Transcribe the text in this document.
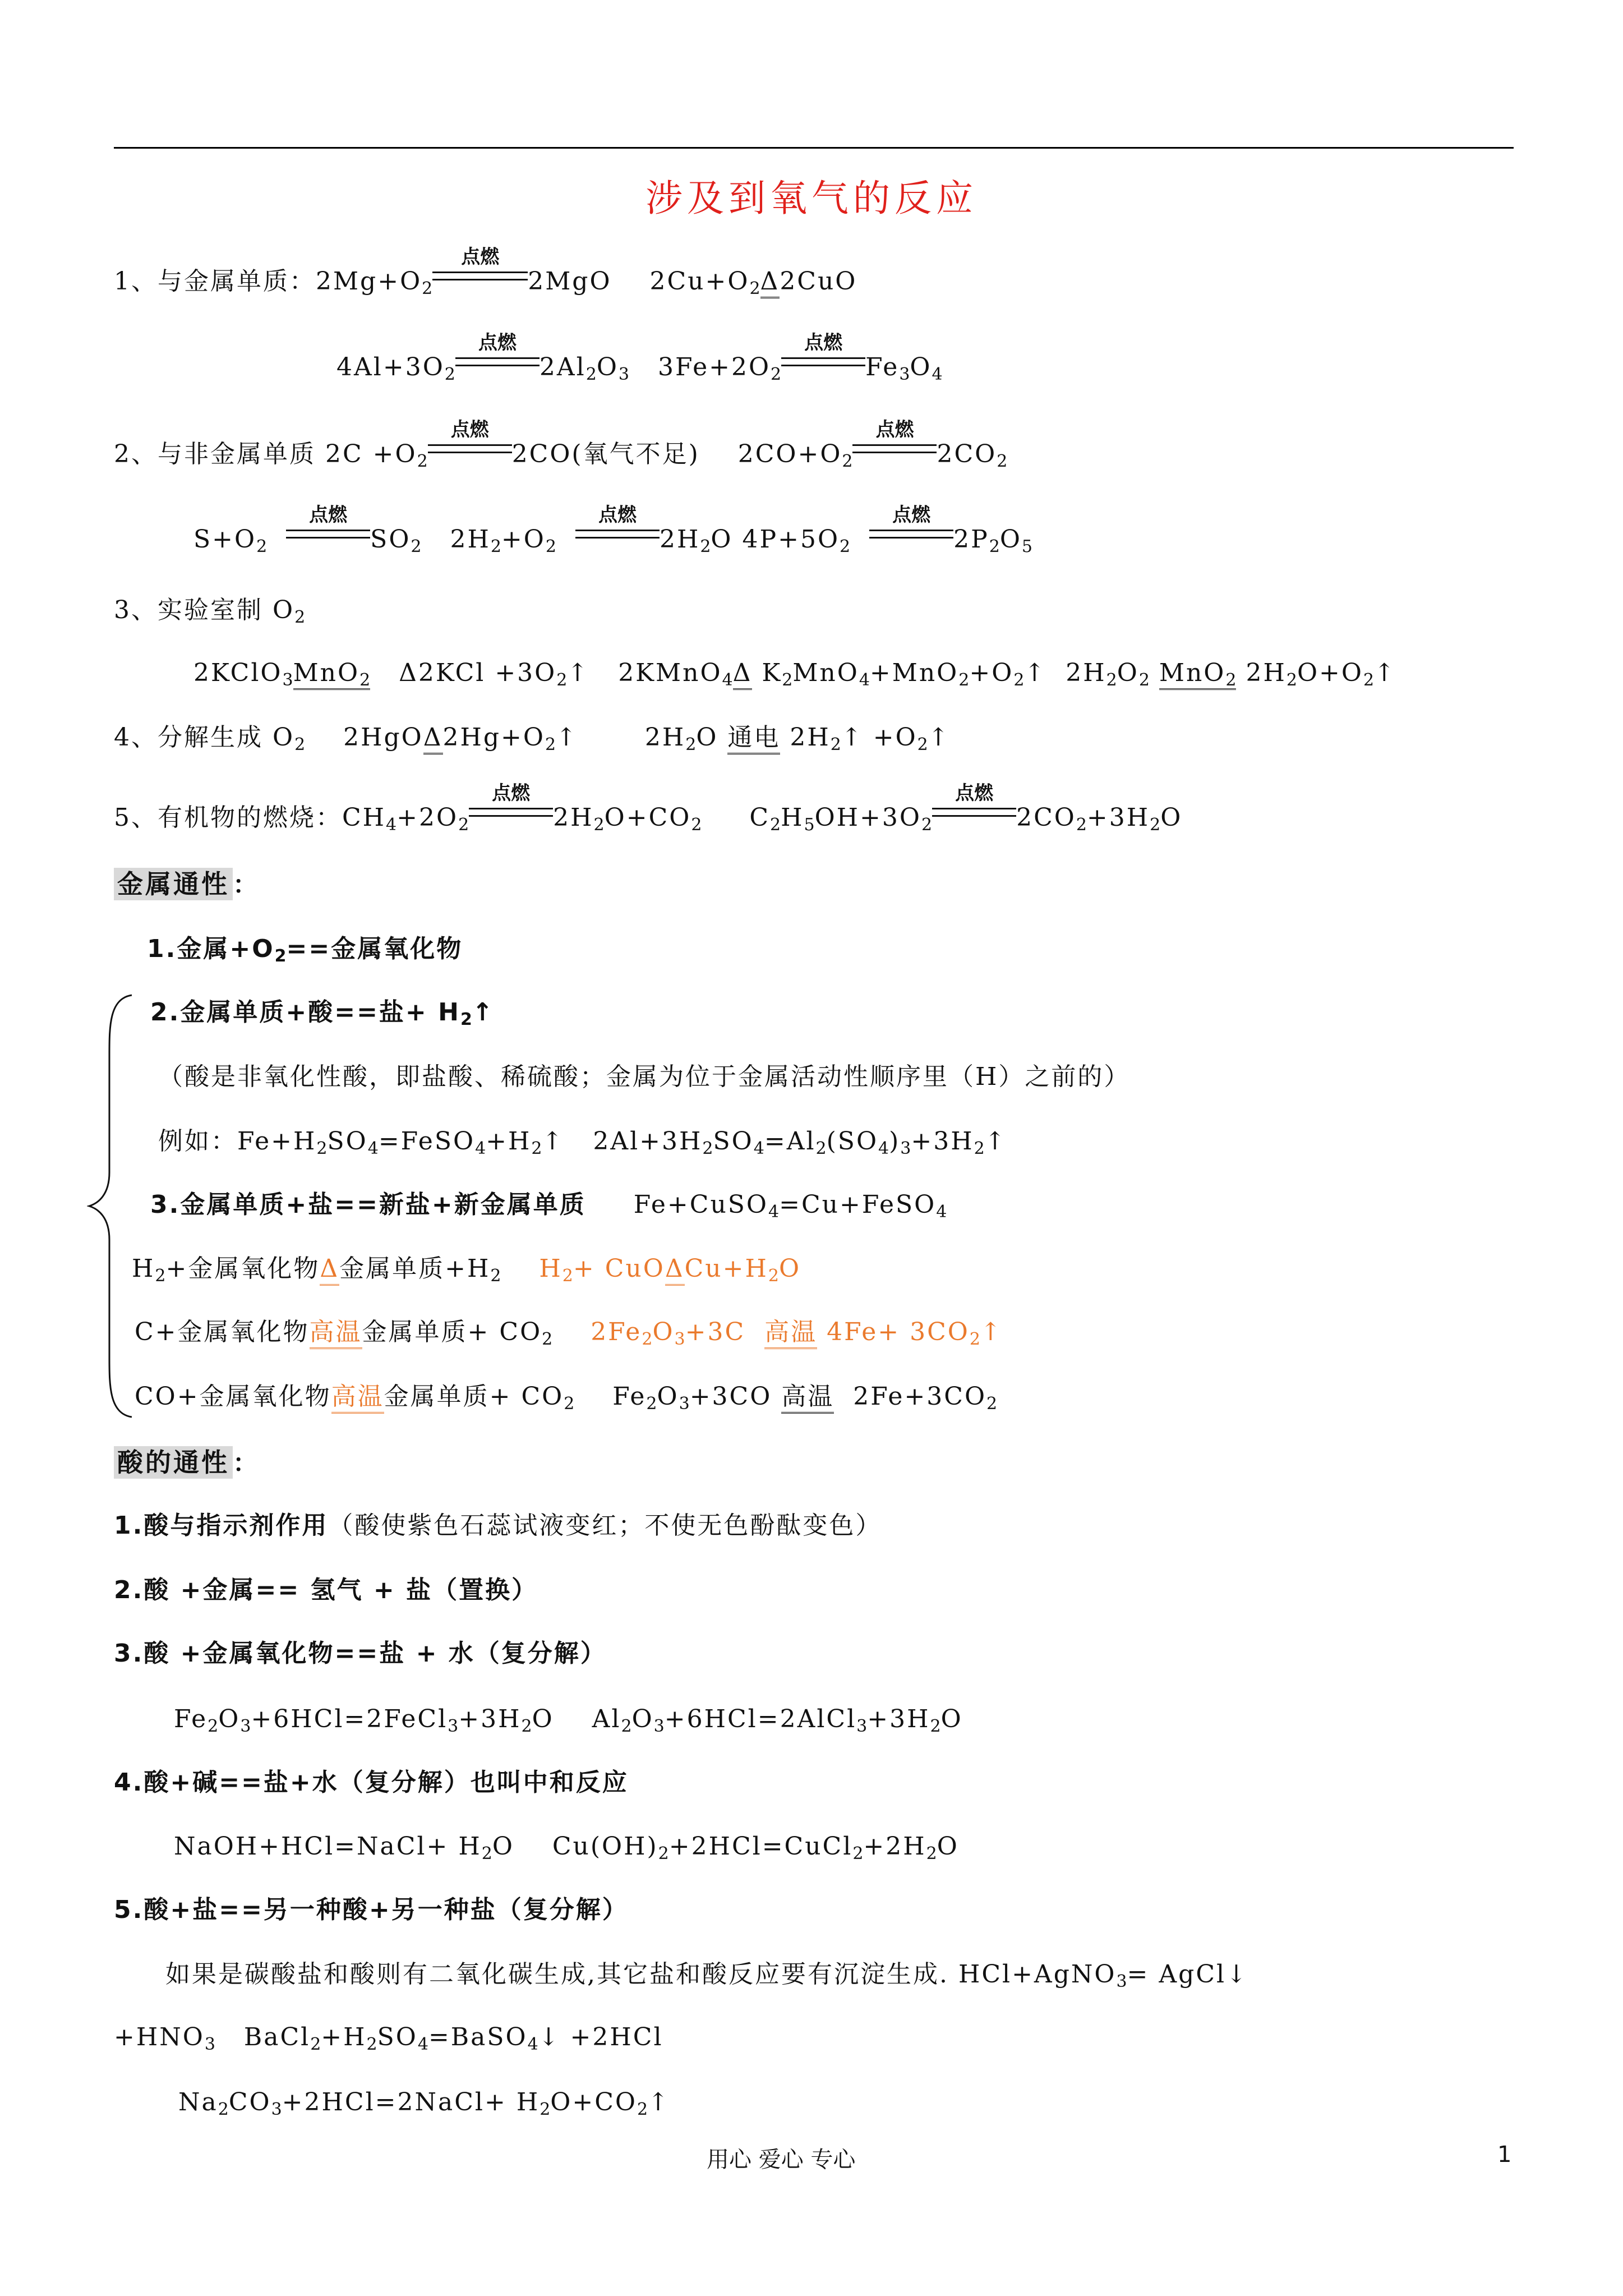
涉及到氧气的反应
1、与金属单质：$2Mg+O_2$
点燃
2MgO $2Cu+O_2\Delta 2CuO$
$4Al+3O_2$
点燃
$2Al_2O_3$ $3Fe+2O_2$
点燃
$Fe_3O_4$
2、与非金属单质 $2C +O_2$
点燃
2CO(氧气不足) $2CO+O_2$
点燃
$2CO_2$
$S+O_2$
点燃
$SO_2$ $2H_2+O_2$
点燃
$2H_2O$ $4P+5O_2$
点燃
$2P_2O_5$
3、实验室制 $O_2$
2KClO$_3$MnO$_2$ $\Delta 2KCl +3O_2↑$ 2KMnO$_4$Δ $K_2MnO_4+MnO_2+O_2↑$ $2H_2O_2$ MnO$_2$ $2H_2O+O_2↑$
4、分解生成 $O_2$ $2HgO\Delta 2Hg+O_2↑$	$2H_2O$ 通电 $2H_2↑$ $+O_2↑$
5、有机物的燃烧：$CH_4+2O_2$
点燃
$2H_2O+CO_2$ $C_2H_5OH+3O_2$
点燃
$2CO_2+3H_2O$
金属通性 ：
1.金属$+O_2==$金属氧化物
2.金属单质+酸==盐+ $H_2↑$
（酸是非氧化性酸，即盐酸、稀硫酸；金属为位于金属活动性顺序里（H）之前的）
例如：$Fe+H_2SO_4=FeSO_4+H_2↑$ $2Al+3H_2SO_4=Al_2(SO_4)_3+3H_2↑$
3.金属单质+盐==新盐+新金属单质 Fe+CuSO$_4$=Cu+FeSO$_4$
$H_2+$金属氧化物Δ金属单质$+H_2$ $H_2+ CuO\Delta Cu+H_2O$
C+金属氧化物高温金属单质+ $CO_2$ $2Fe_2O_3+3C$ 高温 $4Fe+ 3CO_2↑$
CO+金属氧化物高温金属单质+ $CO_2$ $Fe_2O_3+3CO$ 高温 $2Fe+3CO_2$
酸的通性 ：
1.酸与指示剂作用（酸使紫色石蕊试液变红；不使无色酚酞变色）
2.酸 +金属== 氢气 + 盐（置换）
3.酸 +金属氧化物==盐 + 水（复分解）
$Fe_2O_3+6HCl=2FeCl_3+3H_2O$ $Al_2O_3+6HCl=2AlCl_3+3H_2O$
4.酸+碱==盐+水（复分解）也叫中和反应
NaOH+HCl=NaCl+ $H_2O$ $Cu(OH)_2+2HCl=CuCl_2+2H_2O$
5.酸+盐==另一种酸+另一种盐（复分解）
如果是碳酸盐和酸则有二氧化碳生成,其它盐和酸反应要有沉淀生成. HCl+AgNO$_3$= AgCl↓
$+HNO_3$ $BaCl_2+H_2SO_4=BaSO_4↓ +2HCl$
$Na_2CO_3+2HCl=2NaCl+$ $H_2O+CO_2↑$
用心 爱心 专心	1
